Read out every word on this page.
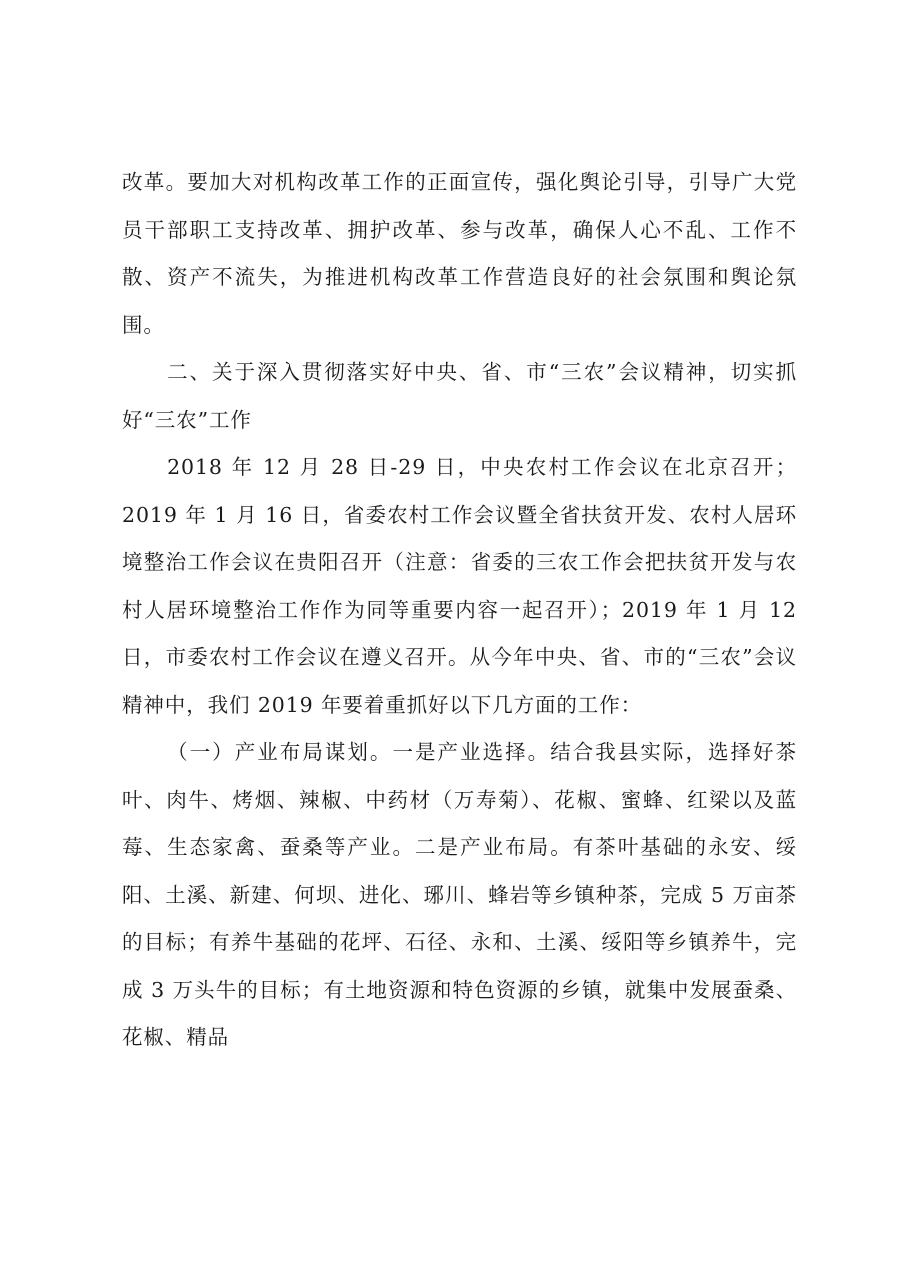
改革。要加大对机构改革工作的正面宣传，强化舆论引导，引导广大党员干部职工支持改革、拥护改革、参与改革，确保人心不乱、工作不散、资产不流失，为推进机构改革工作营造良好的社会氛围和舆论氛围。

二、关于深入贯彻落实好中央、省、市“三农”会议精神，切实抓好“三农”工作

2018 年 12 月 28 日-29 日，中央农村工作会议在北京召开；2019 年 1 月 16 日，省委农村工作会议暨全省扶贫开发、农村人居环境整治工作会议在贵阳召开（注意：省委的三农工作会把扶贫开发与农村人居环境整治工作作为同等重要内容一起召开）；2019 年 1 月 12 日，市委农村工作会议在遵义召开。从今年中央、省、市的“三农”会议精神中，我们 2019 年要着重抓好以下几方面的工作：

（一）产业布局谋划。一是产业选择。结合我县实际，选择好茶叶、肉牛、烤烟、辣椒、中药材（万寿菊）、花椒、蜜蜂、红梁以及蓝莓、生态家禽、蚕桑等产业。二是产业布局。有茶叶基础的永安、绥阳、土溪、新建、何坝、进化、琊川、蜂岩等乡镇种茶，完成 5 万亩茶的目标；有养牛基础的花坪、石径、永和、土溪、绥阳等乡镇养牛，完成 3 万头牛的目标；有土地资源和特色资源的乡镇，就集中发展蚕桑、花椒、精品
